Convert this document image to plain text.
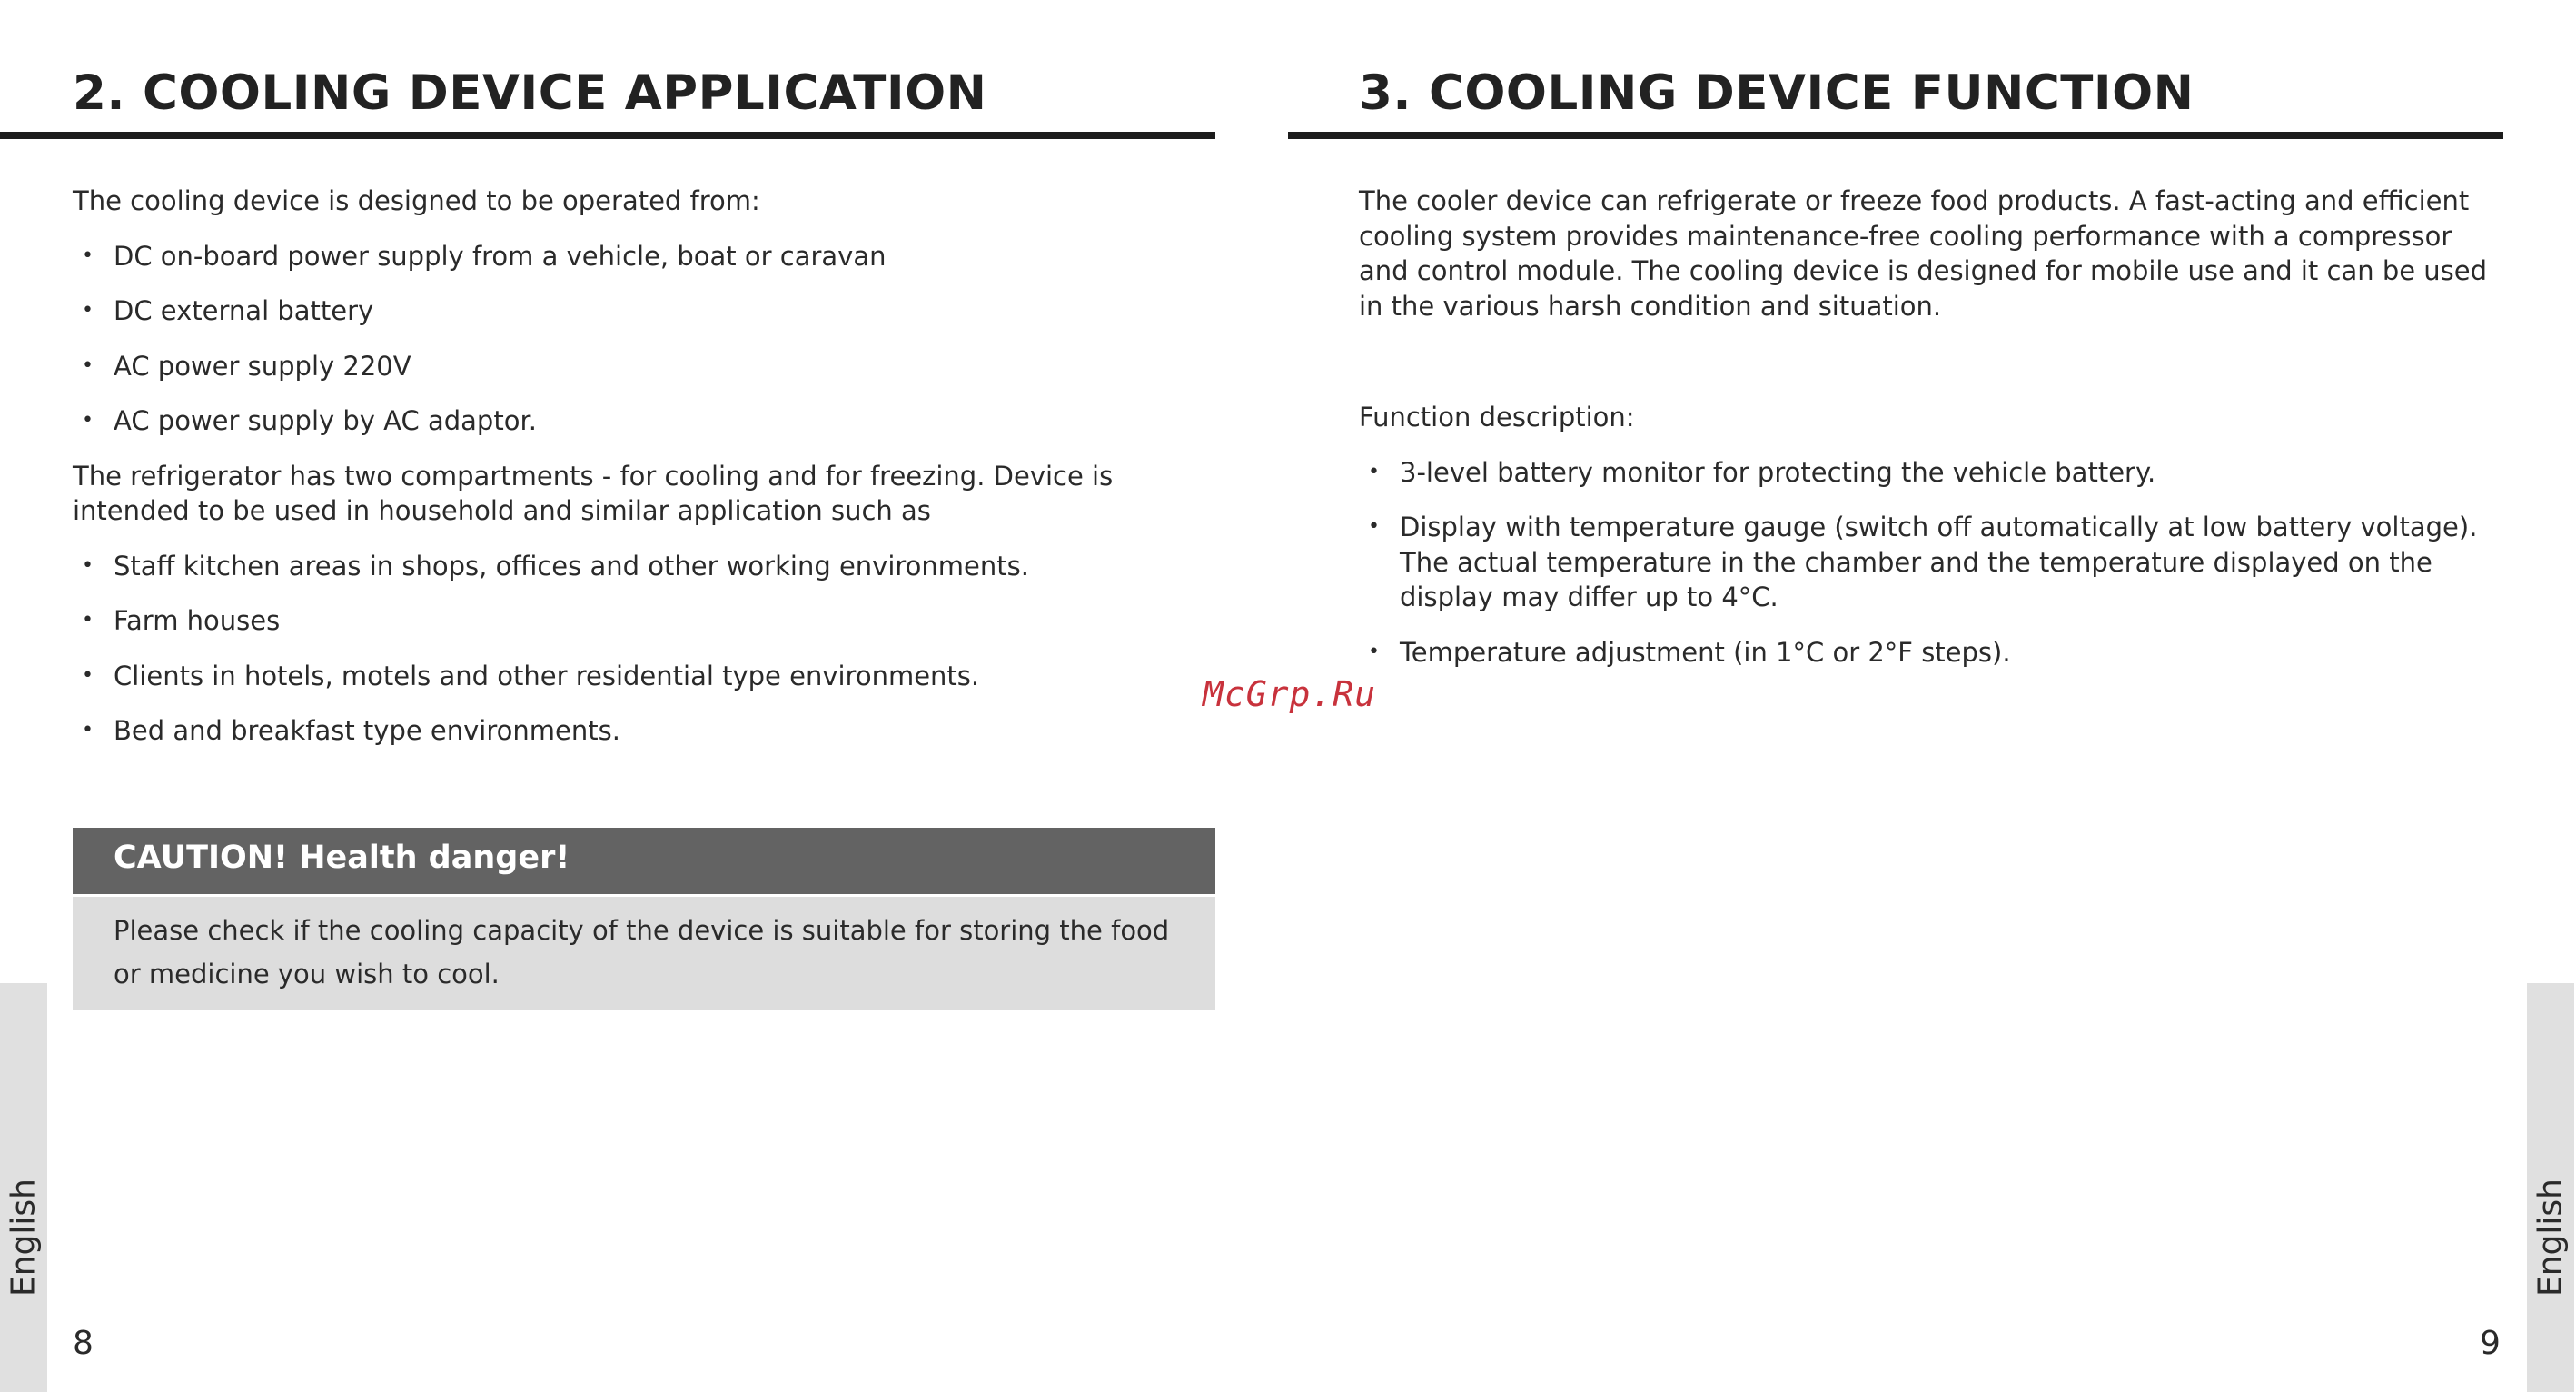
2. COOLING DEVICE APPLICATION

The cooling device is designed to be operated from:

• DC on-board power supply from a vehicle, boat or caravan
• DC external battery
• AC power supply 220V
• AC power supply by AC adaptor.

The refrigerator has two compartments - for cooling and for freezing. Device is intended to be used in household and similar application such as

• Staff kitchen areas in shops, offices and other working environments.
• Farm houses
• Clients in hotels, motels and other residential type environments.
• Bed and breakfast type environments.
CAUTION! Health danger!
Please check if the cooling capacity of the device is suitable for storing the food or medicine you wish to cool.
English
8
3. COOLING DEVICE FUNCTION

The cooler device can refrigerate or freeze food products. A fast-acting and efficient cooling system provides maintenance-free cooling performance with a compressor and control module. The cooling device is designed for mobile use and it can be used in the various harsh condition and situation.

Function description:

• 3-level battery monitor for protecting the vehicle battery.
• Display with temperature gauge (switch off automatically at low battery voltage). The actual temperature in the chamber and the temperature displayed on the display may differ up to 4°C.
• Temperature adjustment (in 1°C or 2°F steps).
English
9
McGrp.Ru
